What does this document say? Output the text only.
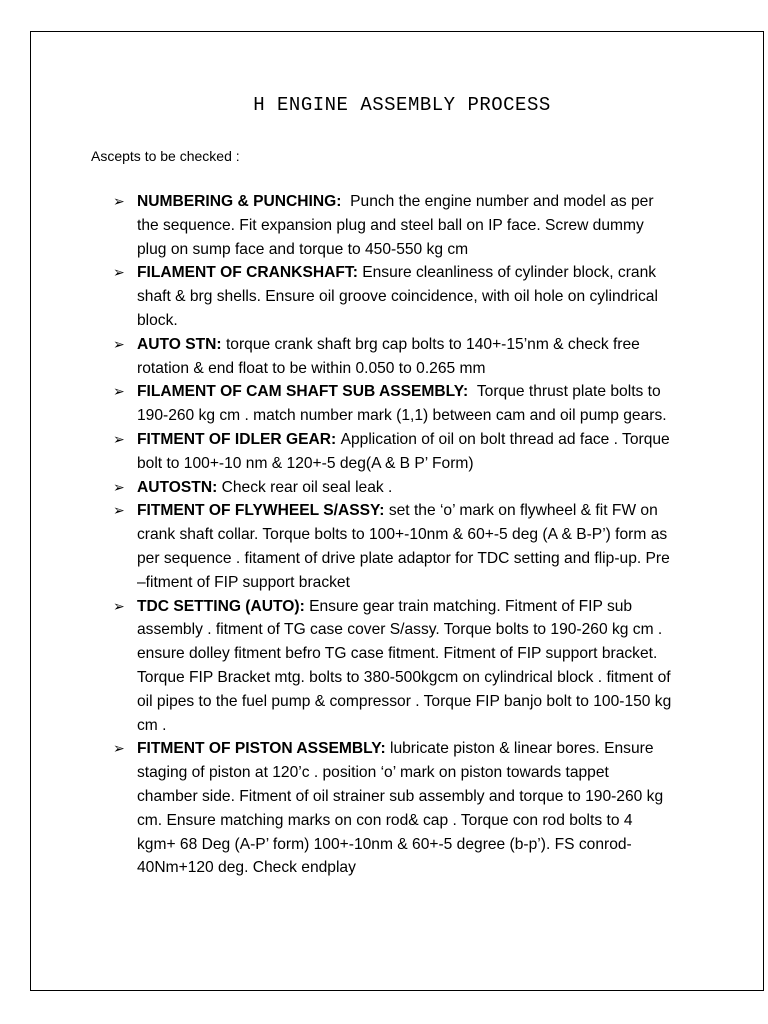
H ENGINE ASSEMBLY PROCESS

Ascepts to be checked :

➢ NUMBERING & PUNCHING:  Punch the engine number and model as per the sequence. Fit expansion plug and steel ball on IP face. Screw dummy plug on sump face and torque to 450-550 kg cm
➢ FILAMENT OF CRANKSHAFT: Ensure cleanliness of cylinder block, crank shaft & brg shells. Ensure oil groove coincidence, with oil hole on cylindrical block.
➢ AUTO STN: torque crank shaft brg cap bolts to 140+-15’nm & check free rotation & end float to be within 0.050 to 0.265 mm
➢ FILAMENT OF CAM SHAFT SUB ASSEMBLY:  Torque thrust plate bolts to 190-260 kg cm . match number mark (1,1) between cam and oil pump gears.
➢ FITMENT OF IDLER GEAR: Application of oil on bolt thread ad face . Torque bolt to 100+-10 nm & 120+-5 deg(A & B P’ Form)
➢ AUTOSTN: Check rear oil seal leak .
➢ FITMENT OF FLYWHEEL S/ASSY: set the ‘o’ mark on flywheel & fit FW on crank shaft collar. Torque bolts to 100+-10nm & 60+-5 deg (A & B-P’) form as per sequence . fitament of drive plate adaptor for TDC setting and flip-up. Pre –fitment of FIP support bracket
➢ TDC SETTING (AUTO): Ensure gear train matching. Fitment of FIP sub assembly . fitment of TG case cover S/assy. Torque bolts to 190-260 kg cm . ensure dolley fitment befro TG case fitment. Fitment of FIP support bracket. Torque FIP Bracket mtg. bolts to 380-500kgcm on cylindrical block . fitment of oil pipes to the fuel pump & compressor . Torque FIP banjo bolt to 100-150 kg cm .
➢ FITMENT OF PISTON ASSEMBLY: lubricate piston & linear bores. Ensure staging of piston at 120’c . position ‘o’ mark on piston towards tappet chamber side. Fitment of oil strainer sub assembly and torque to 190-260 kg cm. Ensure matching marks on con rod& cap . Torque con rod bolts to 4 kgm+ 68 Deg (A-P’ form) 100+-10nm & 60+-5 degree (b-p’). FS conrod-40Nm+120 deg. Check endplay
